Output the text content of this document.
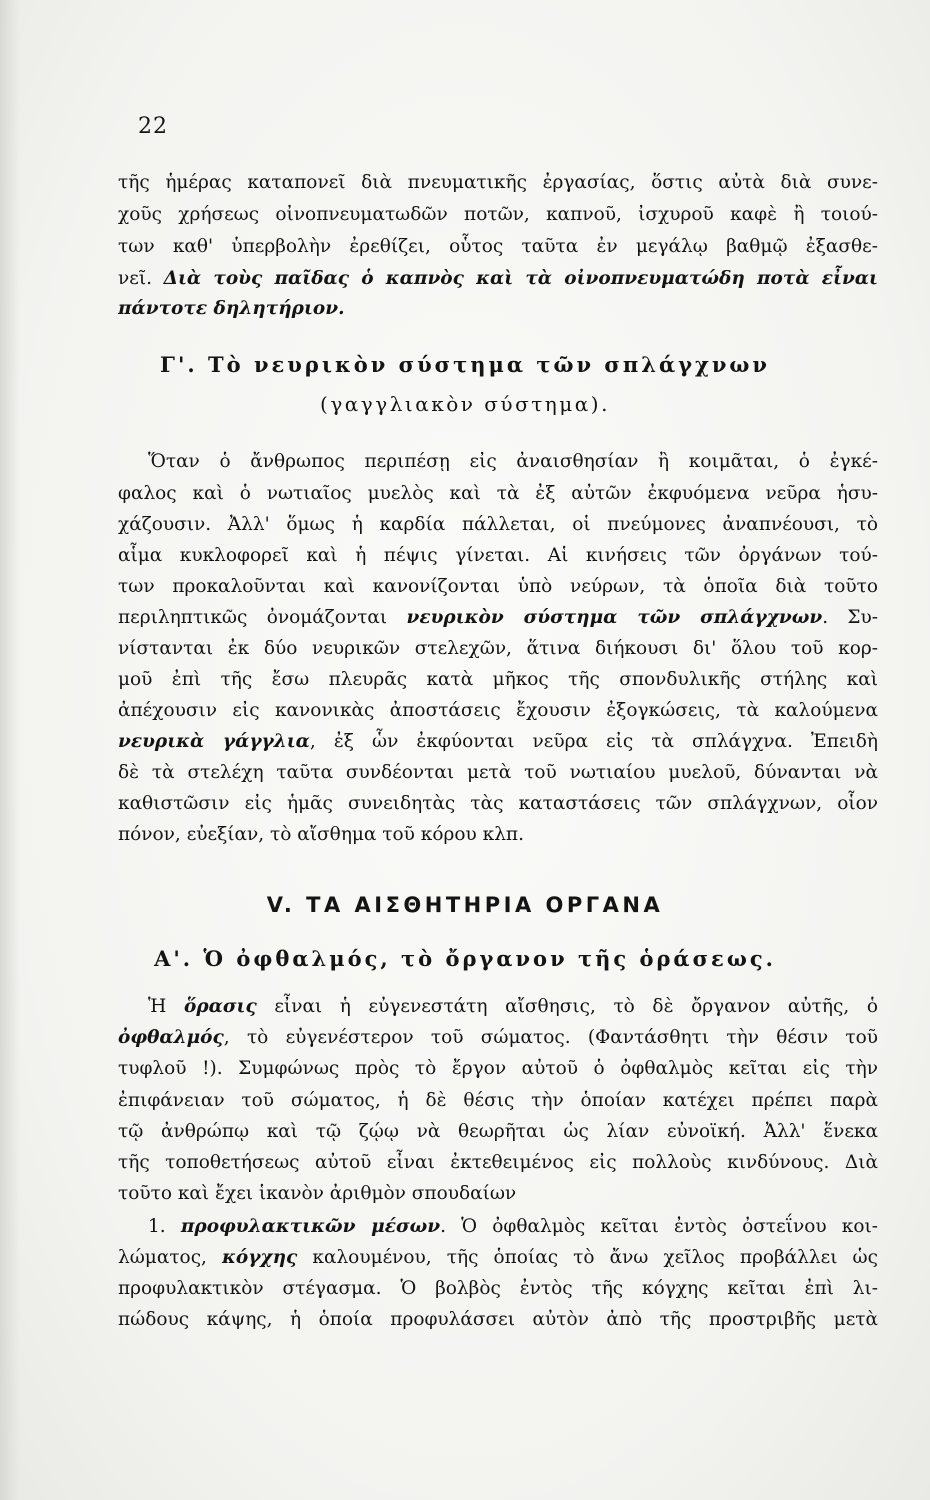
22
τῆς ἡμέρας καταπονεῖ διὰ πνευματικῆς ἐργασίας, ὅστις αὐτὰ διὰ συνε-
χοῦς χρήσεως οἰνοπνευματωδῶν ποτῶν, καπνοῦ, ἰσχυροῦ καφὲ ἢ τοιού-
των καθ' ὑπερβολὴν ἐρεθίζει, οὗτος ταῦτα ἐν μεγάλῳ βαθμῷ ἐξασθε-
νεῖ. Διὰ τοὺς παῖδας ὁ καπνὸς καὶ τὰ οἰνοπνευματώδη ποτὰ εἶναι
πάντοτε δηλητήριον.
Γ'. Τὸ νευρικὸν σύστημα τῶν σπλάγχνων
(γαγγλιακὸν σύστημα).
Ὅταν ὁ ἄνθρωπος περιπέσῃ εἰς ἀναισθησίαν ἢ κοιμᾶται, ὁ ἐγκέ-
φαλος καὶ ὁ νωτιαῖος μυελὸς καὶ τὰ ἐξ αὐτῶν ἐκφυόμενα νεῦρα ἡσυ-
χάζουσιν. Ἀλλ' ὅμως ἡ καρδία πάλλεται, οἱ πνεύμονες ἀναπνέουσι, τὸ
αἷμα κυκλοφορεῖ καὶ ἡ πέψις γίνεται. Αἱ κινήσεις τῶν ὀργάνων τού-
των προκαλοῦνται καὶ κανονίζονται ὑπὸ νεύρων, τὰ ὁποῖα διὰ τοῦτο
περιληπτικῶς ὀνομάζονται νευρικὸν σύστημα τῶν σπλάγχνων. Συ-
νίστανται ἐκ δύο νευρικῶν στελεχῶν, ἅτινα διήκουσι δι' ὅλου τοῦ κορ-
μοῦ ἐπὶ τῆς ἔσω πλευρᾶς κατὰ μῆκος τῆς σπονδυλικῆς στήλης καὶ
ἀπέχουσιν εἰς κανονικὰς ἀποστάσεις ἔχουσιν ἐξογκώσεις, τὰ καλούμενα
νευρικὰ γάγγλια, ἐξ ὧν ἐκφύονται νεῦρα εἰς τὰ σπλάγχνα. Ἐπειδὴ
δὲ τὰ στελέχη ταῦτα συνδέονται μετὰ τοῦ νωτιαίου μυελοῦ, δύνανται νὰ
καθιστῶσιν εἰς ἡμᾶς συνειδητὰς τὰς καταστάσεις τῶν σπλάγχνων, οἷον
πόνον, εὐεξίαν, τὸ αἴσθημα τοῦ κόρου κλπ.
V. ΤΑ ΑΙΣΘΗΤΗΡΙΑ ΟΡΓΑΝΑ
Α'. Ὁ ὀφθαλμός, τὸ ὄργανον τῆς ὁράσεως.
Ἡ ὅρασις εἶναι ἡ εὐγενεστάτη αἴσθησις, τὸ δὲ ὄργανον αὐτῆς, ὁ
ὀφθαλμός, τὸ εὐγενέστερον τοῦ σώματος. (Φαντάσθητι τὴν θέσιν τοῦ
τυφλοῦ !). Συμφώνως πρὸς τὸ ἔργον αὐτοῦ ὁ ὀφθαλμὸς κεῖται εἰς τὴν
ἐπιφάνειαν τοῦ σώματος, ἡ δὲ θέσις τὴν ὁποίαν κατέχει πρέπει παρὰ
τῷ ἀνθρώπῳ καὶ τῷ ζῴῳ νὰ θεωρῆται ὡς λίαν εὐνοϊκή. Ἀλλ' ἕνεκα
τῆς τοποθετήσεως αὐτοῦ εἶναι ἐκτεθειμένος εἰς πολλοὺς κινδύνους. Διὰ
τοῦτο καὶ ἔχει ἱκανὸν ἀριθμὸν σπουδαίων
1. προφυλακτικῶν μέσων. Ὁ ὀφθαλμὸς κεῖται ἐντὸς ὀστεΐνου κοι-
λώματος, κόγχης καλουμένου, τῆς ὁποίας τὸ ἄνω χεῖλος προβάλλει ὡς
προφυλακτικὸν στέγασμα. Ὁ βολβὸς ἐντὸς τῆς κόγχης κεῖται ἐπὶ λι-
πώδους κάψης, ἡ ὁποία προφυλάσσει αὐτὸν ἀπὸ τῆς προστριβῆς μετὰ
